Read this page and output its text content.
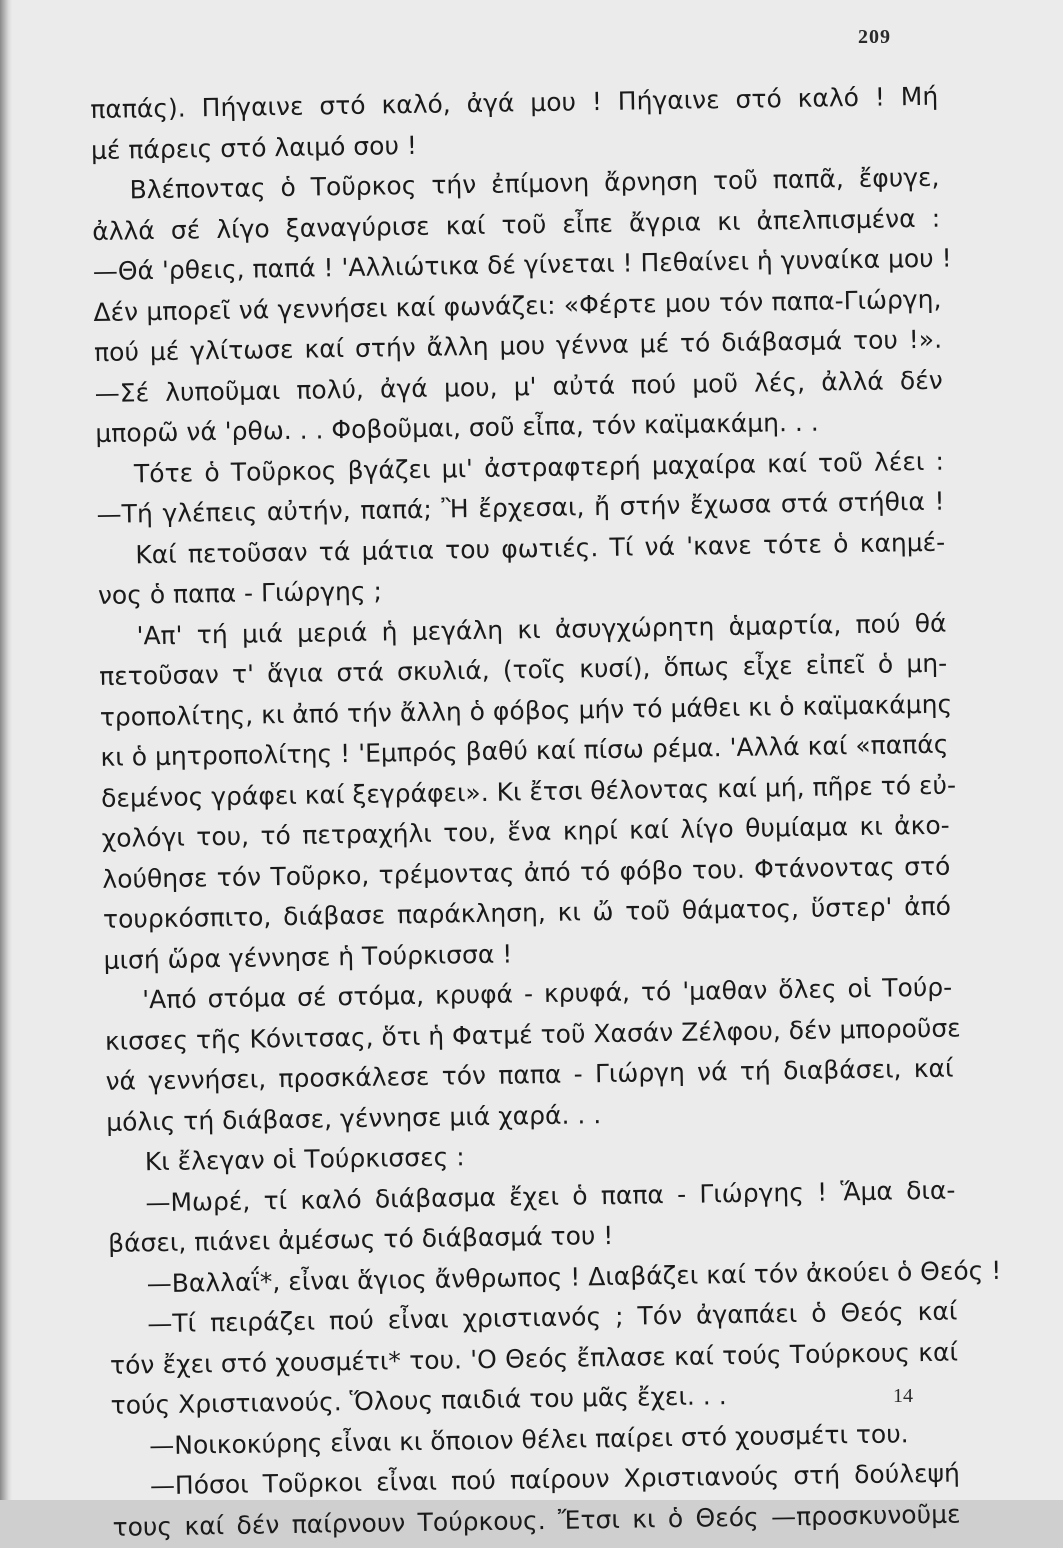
209
παπάς). Πήγαινε στό καλό, ἀγά μου ! Πήγαινε στό καλό ! Μή
μέ πάρεις στό λαιμό σου !
Βλέποντας ὁ Τοῦρκος τήν ἐπίμονη ἄρνηση τοῦ παπᾶ, ἔφυγε,
ἀλλά σέ λίγο ξαναγύρισε καί τοῦ εἶπε ἄγρια κι ἀπελπισμένα :
—Θά 'ρθεις, παπά ! 'Αλλιώτικα δέ γίνεται ! Πεθαίνει ἡ γυναίκα μου !
Δέν μπορεῖ νά γεννήσει καί φωνάζει: «Φέρτε μου τόν παπα-Γιώργη,
πού μέ γλίτωσε καί στήν ἄλλη μου γέννα μέ τό διάβασμά του !».
—Σέ λυποῦμαι πολύ, ἀγά μου, μ' αὐτά πού μοῦ λές, ἀλλά δέν
μπορῶ νά 'ρθω. . . Φοβοῦμαι, σοῦ εἶπα, τόν καϊμακάμη. . .
Τότε ὁ Τοῦρκος βγάζει μι' ἀστραφτερή μαχαίρα καί τοῦ λέει :
—Τή γλέπεις αὐτήν, παπά; Ἢ ἔρχεσαι, ἤ στήν ἔχωσα στά στήθια !
Καί πετοῦσαν τά μάτια του φωτιές. Τί νά 'κανε τότε ὁ καημέ-
νος ὁ παπα - Γιώργης ;
'Απ' τή μιά μεριά ἡ μεγάλη κι ἀσυγχώρητη ἁμαρτία, πού θά
πετοῦσαν τ' ἅγια στά σκυλιά, (τοῖς κυσί), ὅπως εἶχε εἰπεῖ ὁ μη-
τροπολίτης, κι ἀπό τήν ἄλλη ὁ φόβος μήν τό μάθει κι ὁ καϊμακάμης
κι ὁ μητροπολίτης ! 'Εμπρός βαθύ καί πίσω ρέμα. 'Αλλά καί «παπάς
δεμένος γράφει καί ξεγράφει». Κι ἔτσι θέλοντας καί μή, πῆρε τό εὐ-
χολόγι του, τό πετραχήλι του, ἕνα κηρί καί λίγο θυμίαμα κι ἀκο-
λούθησε τόν Τοῦρκο, τρέμοντας ἀπό τό φόβο του. Φτάνοντας στό
τουρκόσπιτο, διάβασε παράκληση, κι ὤ τοῦ θάματος, ὕστερ' ἀπό
μισή ὥρα γέννησε ἡ Τούρκισσα !
'Από στόμα σέ στόμα, κρυφά - κρυφά, τό 'μαθαν ὅλες οἱ Τούρ-
κισσες τῆς Κόνιτσας, ὅτι ἡ Φατμέ τοῦ Χασάν Ζέλφου, δέν μποροῦσε
νά γεννήσει, προσκάλεσε τόν παπα - Γιώργη νά τή διαβάσει, καί
μόλις τή διάβασε, γέννησε μιά χαρά. . .
Κι ἔλεγαν οἱ Τούρκισσες :
—Μωρέ, τί καλό διάβασμα ἔχει ὁ παπα - Γιώργης ! Ἅμα δια-
βάσει, πιάνει ἀμέσως τό διάβασμά του !
—Βαλλαΐ*, εἶναι ἅγιος ἄνθρωπος ! Διαβάζει καί τόν ἀκούει ὁ Θεός !
—Τί πειράζει πού εἶναι χριστιανός ; Τόν ἀγαπάει ὁ Θεός καί
τόν ἔχει στό χουσμέτι* του. 'Ο Θεός ἔπλασε καί τούς Τούρκους καί
τούς Χριστιανούς. Ὅλους παιδιά του μᾶς ἔχει. . .
—Νοικοκύρης εἶναι κι ὅποιον θέλει παίρει στό χουσμέτι του.
—Πόσοι Τοῦρκοι εἶναι πού παίρουν Χριστιανούς στή δούλεψή
τους καί δέν παίρνουν Τούρκους. Ἔτσι κι ὁ Θεός —προσκυνοῦμε
14
